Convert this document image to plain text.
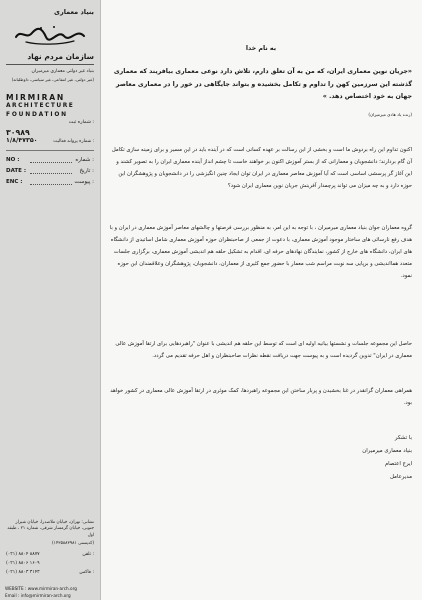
بنیاد معماری
سازمان مردم نهاد
بنیاد غیر دولتی معماری میرمیران
(غیر دولتی، غیر انتفاعی، غیر سیاسی، داوطلبانه)
MIRMIRAN
ARCHITECTURE
FOUNDATION
شماره ثبت :
۳۰۹۸۹
۱/۸/۴۷۳۵۰	شماره پروانه فعالیت :
NO :	شماره :
DATE :	تاریخ :
ENC :	پیوست :
نشانی: تهران، خیابان ملاصدرا، خیابان شیراز جنوبی، خیابان گرمسار شرقی، شماره ۲۱ ، طبقه اول
(کدپستی ۱۴۳۵۸۸۳۹۸۱)
(۰۲۱) ۸۸۰۴ ۸۸۷۷	تلفن :
(۰۲۱) ۸۸۰۶ ۱۶۰۹
(۰۲۱) ۸۸۰۳ ۳۱۴۳	فاکس :
WEBSITE : www.mirmiran-arch.org
Email : info@mirmiran-arch.org
به نام خدا
«جریان نوین معماری ایران، که من به آن تعلق دارم، تلاش دارد نوعی معماری بیافریند که معماری گذشته این سرزمین کهن را تداوم و تکامل بخشیده و بتواند جایگاهی در خور را در معماری معاصر جهان به خود اختصاص دهد. »
(زنده یاد هادی میرمیران)
اکنون تداوم این راه بردوش ما است و بخشی از این رسالت بر عهده کسانی است که در آینده باید در این مسیر و برای زمینه سازی تکامل آن گام بردارند؛ دانشجویان و معمارانی که از بستر آموزش اکنون بر خواهند خاست تا چشم انداز آینده معماری ایران را به تصویر کشند و این آغاز گر پرسشی اساسی است که آیا آموزش معاصر معماری در ایران توان ایجاد چنین انگیزشی را در دانشجویان و پژوهشگران این حوزه دارد و به چه میزان می تواند پرچمدار آفرینش جریان نوین معماری ایران شود؟
گروه معماران جوان بنیاد معماری میرمیران ، با توجه به این امر، به منظور بررسی فرصتها و چالشهای معاصر آموزش معماری در ایران و با هدف رفع نارسائی های ساختار موجود آموزش معماری، با دعوت از جمعی از صاحبنظران حوزه آموزش معماری شامل اساتیدی از دانشگاه های ایران، دانشگاه های خارج از کشور، نمایندگان نهادهای حرفه ای، اقدام به تشکیل حلقه هم اندیشی آموزش معماری، برگزاری جلسات متعدد همااندیشی و برپایی سه نوبت مراسم شب معمار با حضور جمع کثیری از معماران، دانشجویان، پژوهشگران وعلاقمندان این حوزه نمود.
حاصل این مجموعه جلسات و نشستها بیانیه اولیه ای است که توسط این حلقه هم اندیشی با عنوان "راهبردهایی برای ارتقا آموزش عالی معماری در ایران" تدوین گردیده است و به پیوست جهت دریافت نقطه نظرات صاحبنظران و اهل حرفه تقدیم می گردد.
همراهی معماران گرانقدر در غنا بخشیدن و پربار ساختن این مجموعه راهبردها، کمک موثری در ارتقا آموزش عالی معماری در کشور خواهد بود.
با تشکر
بنیاد معماری میرمیران
ایرج اعتصام
مدیرعامل
